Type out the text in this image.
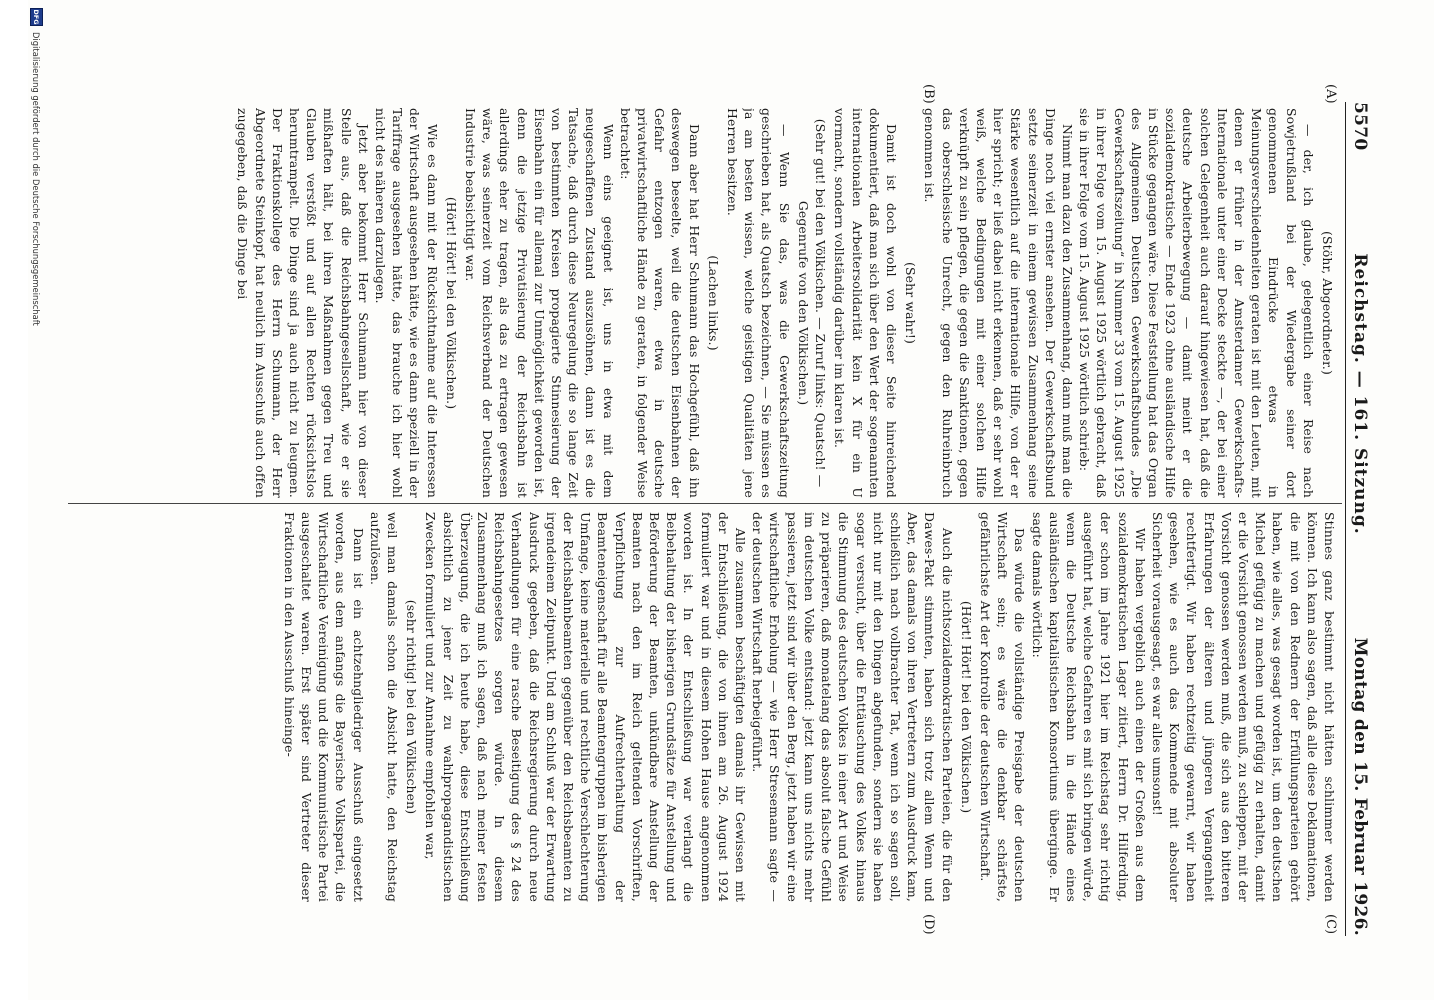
5570
Reichstag. — 161. Sitzung.
Montag den 15. Februar 1926.
(A)
(B)
(C)
(D)

(Stöhr, Abgeordneter.)

— der, ich glaube, gelegentlich einer Reise nach Sowjetrußland bei der Wiedergabe seiner dort genommenen Eindrücke etwas in Meinungsverschiedenheiten geraten ist mit den Leuten, mit denen er früher in der Amsterdamer Gewerkschafts-Internationale unter einer Decke steckte —, der bei einer solchen Gelegenheit auch darauf hingewiesen hat, daß die deutsche Arbeiterbewegung — damit meint er die sozialdemokratische — Ende 1923 ohne ausländische Hilfe in Stücke gegangen wäre. Diese Feststellung hat das Organ des Allgemeinen Deutschen Gewerkschaftsbundes „Die Gewerkschaftszeitung“ in Nummer 33 vom 15. August 1925 in ihrer Folge vom 15. August 1925 wörtlich gebracht, daß sie in ihrer Folge vom 15. August 1925 wörtlich schrieb:

Nimmt man dazu den Zusammenhang, dann muß man die Dinge noch viel ernster ansehen. Der Gewerkschaftsbund setzte seinerzeit in einem gewissen Zusammenhang seine Stärke wesentlich auf die internationale Hilfe, von der er hier spricht; er ließ dabei nicht erkennen, daß er sehr wohl weiß, welche Bedingungen mit einer solchen Hilfe verknüpft zu sein pflegen, die gegen die Sanktionen, gegen das oberschlesische Unrecht, gegen den Ruhreinbruch genommen ist.

(Sehr wahr!)

Damit ist doch wohl von dieser Seite hinreichend dokumentiert, daß man sich über den Wert der sogenannten internationalen Arbeitersolidarität kein X für ein U vormacht, sondern vollständig darüber im klaren ist.

(Sehr gut! bei den Völkischen. — Zuruf links: Quatsch! — Gegenrufe von den Völkischen.)

— Wenn Sie das, was die Gewerkschaftszeitung geschrieben hat, als Quatsch bezeichnen, — Sie müssen es ja am besten wissen, welche geistigen Qualitäten jene Herren besitzen.

(Lachen links.)

Dann aber hat Herr Schumann das Hochgefühl, daß ihn deswegen beseelte, weil die deutschen Eisenbahnen der Gefahr entzogen waren, etwa in deutsche privatwirtschaftliche Hände zu geraten, in folgender Weise betrachtet:

Wenn eins geeignet ist, uns in etwa mit dem neugeschaffenen Zustand auszusöhnen, dann ist es die Tatsache, daß durch diese Neuregelung die so lange Zeit von bestimmten Kreisen propagierte Stinnesierung der Eisenbahn ein für allemal zur Unmöglichkeit geworden ist, denn die jetzige Privatisierung der Reichsbahn ist allerdings eher zu tragen, als das zu ertragen gewesen wäre, was seinerzeit vom Reichsverband der Deutschen Industrie beabsichtigt war.

(Hört! Hört! bei den Völkischen.)

Wie es dann mit der Rücksichtnahme auf die Interessen der Wirtschaft ausgesehen hätte, wie es dann speziell in der Tariffrage ausgesehen hätte, das brauche ich hier wohl nicht des näheren darzulegen.

Jetzt aber bekommt Herr Schumann hier von dieser Stelle aus, daß die Reichsbahngesellschaft, wie er sie mißhaften hält, bei ihren Maßnahmen gegen Treu und Glauben verstößt und auf allen Rechten rücksichtslos herumtrampelt. Die Dinge sind ja auch nicht zu leugnen. Der Fraktionskollege des Herrn Schumann, der Herr Abgeordnete Steinkopf, hat neulich im Ausschuß auch offen zugegeben, daß die Dinge bei

Stinnes ganz bestimmt nicht hätten schlimmer werden können. Ich kann also sagen, daß alle diese Deklamationen, die mit von den Rednern der Erfüllungsparteien gehört haben, wie alles, was gesagt worden ist, um den deutschen Michel gefügig zu machen und gefügig zu erhalten, damit er die Vorsicht genossen werden muß, zu schleppen, mit der Vorsicht genossen werden muß, die sich aus den bitteren Erfahrungen der älteren und jüngeren Vergangenheit rechtfertigt. Wir haben rechtzeitig gewarnt, wir haben gesehen, wie es auch das Kommende mit absoluter Sicherheit vorausgesagt, es war alles umsonst!

Wir haben vergeblich auch einen der Großen aus dem sozialdemokratischen Lager zitiert, Herrn Dr. Hilferding, der schon im Jahre 1921 hier im Reichstag sehr richtig ausgeführt hat, welche Gefahren es mit sich bringen würde, wenn die Deutsche Reichsbahn in die Hände eines ausländischen kapitalistischen Konsortiums überginge. Er sagte damals wörtlich:

Das würde die vollständige Preisgabe der deutschen Wirtschaft sein; es wäre die denkbar schärfste, gefährlichste Art der Kontrolle der deutschen Wirtschaft.

(Hört! Hört! bei den Völkischen.)

Auch die nichtsozialdemokratischen Parteien, die für den Dawes-Pakt stimmten, haben sich trotz allem Wenn und Aber, das damals von ihren Vertretern zum Ausdruck kam, schließlich nach vollbrachter Tat, wenn ich so sagen soll, nicht nur mit den Dingen abgefunden, sondern sie haben sogar versucht, über die Enttäuschung des Volkes hinaus die Stimmung des deutschen Volkes in einer Art und Weise zu präparieren, daß monatelang das absolut falsche Gefühl im deutschen Volke entstand: jetzt kann uns nichts mehr passieren, jetzt sind wir über den Berg, jetzt haben wir eine wirtschaftliche Erholung — wie Herr Stresemann sagte — der deutschen Wirtschaft herbeigeführt.

Alle zusammen beschäftigten damals ihr Gewissen mit der Entschließung, die von ihnen am 26. August 1924 formuliert war und in diesem Hohen Hause angenommen worden ist. In der Entschließung war verlangt die Beibehaltung der bisherigen Grundsätze für Anstellung und Beförderung der Beamten, unkündbare Anstellung der Beamten nach den im Reich geltenden Vorschriften, Verpflichtung zur Aufrechterhaltung der Beamteneigenschaft für alle Beamtengruppen im bisherigen Umfange, keine materielle und rechtliche Verschlechterung der Reichsbahnbeamten gegenüber den Reichsbeamten zu irgendeinem Zeitpunkt. Und am Schluß war der Erwartung Ausdruck gegeben, daß die Reichsregierung durch neue Verhandlungen für eine rasche Beseitigung des § 24 des Reichsbahngesetzes sorgen würde. In diesem Zusammenhang muß ich sagen, daß nach meiner festen Überzeugung, die ich heute habe, diese Entschließung absichtlich zu jener Zeit zu wahlpropagandistischen Zwecken formuliert und zur Annahme empfohlen war,

(sehr richtig! bei den Völkischen)

weil man damals schon die Absicht hatte, den Reichstag aufzulösen.

Dann ist ein achtzehngliedriger Ausschuß eingesetzt worden, aus dem anfangs die Bayerische Volkspartei, die Wirtschaftliche Vereinigung und die Kommunistische Partei ausgeschaltet waren. Erst später sind Vertreter dieser Fraktionen in den Ausschuß hineinge-

DFG
Digitalisierung gefördert durch die Deutsche Forschungsgemeinschaft
